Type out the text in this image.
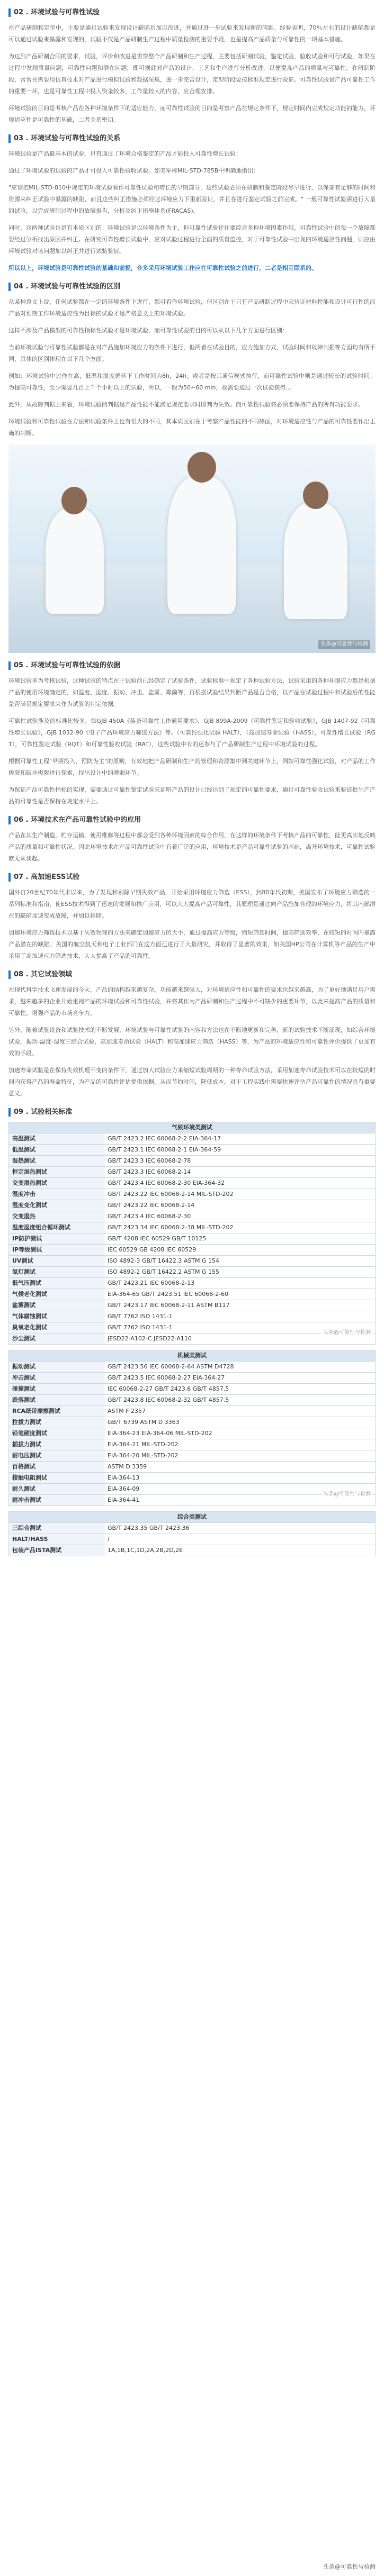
02 . 环境试验与可靠性试验

在产品研制和定型中，主要是通过试验来发现设计缺陷后加以改进，并通过进一步试验来发现新的问题。经验表明，70％左右的设计缺陷都是可以通过试验来暴露和发现的，试验不仅是产品研制生产过程中质量检测的重要手段，也是提高产品质量与可靠性的一项基本措施。

为达到产品研制合同的要求，试验，评价和改进是贯穿整个产品研制和生产过程，主要包括研制试验，鉴定试验，验收试验和可行试验，如果在过程中发现质量问题，可靠性问题和潜在问题，即可据此对产品的设计，工艺和生产进行分析改进，以便提高产品的质量与可靠性。在研制阶段，常常在需要用仿真技术对产品进行模拟试验和数据采集，进一步完善设计，定型阶段要按标准规定进行验证。可靠性试验是产品可靠性工作的重要一环，也是可靠性工程中投入资金较多，工作量较大的内容，应合理安排。

环境试验的目的是考核产品在各种环境条件下的适应能力，而可靠性试验的目的是考察产品在规定条件下，规定时间内完成规定功能的能力，环境适应性是可靠性的基础，二者关系密切。

03 . 环境试验与可靠性试验的关系

环境试验是产品最基本的试验，只有通过了环境合格鉴定的产品才能投入可靠性增长试验：

通过了环境试验的试验的产品才可投入可靠性验收试验。如美军标MIL-STD-785B中明确地指出：

"应该把MIL-STD-810中规定的环境试验看作可靠性试验和增长的早期部分，这些试验必须在研制和鉴定阶段尽早进行，以保证有足够的时间和资源来纠正试验中暴露的缺陷，而且这些纠正措施必须经过环境应力下重新验证，并且在进行鉴定试验之前完成。" 一般可靠性试验需进行大量的试验，以完成研制过程中的故障报告，分析及纠正措施体系(FRACAS)。

同时，这两种试验也是有本质区别的：环境试验是以环境条件为主，但可靠性试验往往要综合多种环境因素作用，可靠性试验中的每一个故障都要经过分析找出原因并纠正。在研究可靠性增长试验中，应对试验过程进行全面的质量监控，对于可靠性试验中出现的环境适应性问题，则应由环境试验对该问题加以纠正并进行试验验证。

所以以上，环境试验是可靠性试验的基础和前提，合多采用环境试验工作应在可靠性试验之前进行，二者是相互联系的。

04 . 环境试验与可靠性试验的区别

从某种意义上说，任何试验都在一定的环境条件下进行，都可看作环境试验，但区别在于只有产品研制过程中来验证材料性能和设计可行性的而产品对预期工作环境适应性为目标的试验才是严格意义上的环境试验。

这样不涉及产品模型的可靠性指标性试验才是环境试验，而可靠性试验的目的可以从以下几个方面进行区别：

当前环境试验与可靠性试验都是在对产品施加环境应力的条件下进行，但两者在试验目的，应力施加方式，试验时间和故障判据等方面均有所不同，具体的区别体现在以下几个方面。

例如：环境试验中过作在高，低温和温度循环下工作时间为8h，24h；或者是按其通信模式执行，而可靠性试验中则是通过较长的试验时间；为提高可靠性，至少需要几百上千个小时以上的试验，所以，一般为50~60 min，故需要通过一次试验获得...

此外，从故障判据上来看，环境试验的判据是产品性能不能满足规范要求时即判为失效。而可靠性试验将必须要保持产品的所有功能要求。

环境试验和可靠性试验在方法和试验条件上也有很大的不同，其本质区别在于考察产品性能的不同侧面，对环境适应性与产品的可靠性要作出正确的判断。

头条@可靠性与检测
05 . 环境试验与可靠性试验的依据

环境试验多为考核试验，这种试验的特点在于试验前已经确定了试验条件，试验标准中规定了各种试验方法，试验采用的各种环境应力都是根据产品的使用环境确定的，如温度、湿度、振动、冲击、盐雾、霉菌等，再根据试验结果判断产品是否合格，以产品在试验过程中和试验后的性能是否满足规定要求来作为试验的判定依据。

可靠性试验涉及的标准比较多，如GJB 450A《装备可靠性工作通用要求》，GJB 899A-2009《可靠性鉴定和验收试验》，GJB 1407-92《可靠性增长试验》，GJB 1032-90《电子产品环境应力筛选方法》等。（可靠性强化试验 HALT），（高加速寿命试验（HASS），可靠性增长试验（RGT），可靠性鉴定试验（RQT）和可靠性验收试验（RAT），这些试验中有的还参与了产品研制生产过程中环境试验的过程。

根据可靠性工程"早期投入，预防为主"的原则，有效地把产品研制和生产的管理和资源集中到关键环节上，例如可靠性强化试验，对产品的工作极限和破坏极限进行探索，找出设计中的薄弱环节。

为保证产品可靠性指标的实现，需要通过可靠性鉴定试验来证明产品的设计已经达到了规定的可靠性要求，通过可靠性验收试验来验证批生产产品的可靠性是否保持在规定水平上。

06 . 环境技术在产品可靠性试验中的应用

产品在其生产制造，贮存运输，使用维修等过程中都会受到各种环境因素的综合作用，在这样的环境条件下考核产品的可靠性，能更真实地反映产品的质量和可靠性状况。因此环境技术在产品可靠性试验中有着广泛的应用，环境技术是产品可靠性试验的基础，离开环境技术，可靠性试验就无从谈起。

07 . 高加速ESS试验

国外自20世纪70年代末以来，为了发现和剔除早期失效产品，开始采用环境应力筛选（ESS），到80年代初期，美国发布了环境应力筛选的一系列标准和指南，使ESS技术得到了迅速的发展和推广应用，可以大大提高产品可靠性，其原理是通过向产品施加合理的环境应力，将其内部潜在的缺陷加速变成故障，并加以排除。

加速环境应力筛选技术以基于失效物理的方法来确定加速应力的大小，通过提高应力等级，缩短筛选时间，提高筛选效率，在较短的时间内暴露产品潜在的缺陷。美国的航空航天和电子工业部门在这方面已进行了大量研究，并取得了显著的效果，如美国HP公司在计算机等产品的生产中采用了高加速应力筛选技术，大大提高了产品的可靠性。

08 . 其它试验领域

在现代科学技术飞速发展的今天，产品的结构越来越复杂，功能越来越强大，对环境适应性和可靠性的要求也越来越高，为了更好地满足用户需求，越来越多的企业开始重视产品的环境试验和可靠性试验，并将其作为产品研制和生产过程中不可缺少的重要环节，以此来提高产品的质量和可靠性，增强产品的市场竞争力。

另外，随着试验设备和试验技术的不断发展，环境试验与可靠性试验的内容和方法也在不断地更新和完善，新的试验技术不断涌现，如综合环境试验，振动-温度-湿度三综合试验，高加速寿命试验（HALT）和高加速应力筛选（HASS）等，为产品的环境适应性和可靠性评价提供了更加有效的手段。

加速寿命试验是在保持失效机理不变的条件下，通过加大试验应力来缩短试验周期的一种寿命试验方法，采用加速寿命试验技术可以在较短的时间内获得产品的寿命特征，为产品的可靠性评估提供依据。从而节约时间，降低成本，对于工程实践中需要快速评估产品可靠性的情况具有重要意义。

09 . 试验相关标准
气候环境类测试	
高温测试	GB/T 2423.2 IEC 60068-2-2 EIA-364-17
低温测试	GB/T 2423.1 IEC 60068-2-1 EIA-364-59
湿热测试	GB/T 2423.3 IEC 60068-2-78
恒定湿热测试	GB/T 2423.3 IEC 60068-2-14
交变湿热测试	GB/T 2423.4 IEC 60068-2-30 EIA-364-32
温度冲击	GB/T 2423.22 IEC 60068-2-14 MIL-STD-202
温度变化测试	GB/T 2423.22 IEC 60068-2-14
交变湿热	GB/T 2423.4 IEC 60068-2-30
温度湿度组合循环测试	GB/T 2423.34 IEC 60068-2-38 MIL-STD-202
IP防护测试	GB/T 4208 IEC 60529 GB/T 10125
IP等级测试	IEC 60529 GB 4208 IEC 60529
UV测试	ISO 4892-3 GB/T 16422.3 ASTM G 154
氙灯测试	ISO 4892-2 GB/T 16422.2 ASTM G 155
低气压测试	GB/T 2423.21 IEC 60068-2-13
气候老化测试	EIA-364-65 GB/T 2423.51 IEC 60068-2-60
盐雾测试	GB/T 2423.17 IEC 60068-2-11 ASTM B117
气体腐蚀测试	GB/T 7762 ISO 1431-1
臭氧老化测试	GB/T 7762 ISO 1431-1
沙尘测试	JESD22-A102-C JESD22-A110
头条@可靠性与检测
机械类测试	
振动测试	GB/T 2423.56 IEC 60068-2-64 ASTM D4728
冲击测试	GB/T 2423.5 IEC 60068-2-27 EIA-364-27
碰撞测试	IEC 60068-2-27 GB/T 2423.6 GB/T 4857.5
跌落测试	GB/T 2423.8 IEC 60068-2-32 GB/T 4857.5
RCA纸带摩擦测试	ASTM F 2357
拉拔力测试	GB/T 6739 ASTM D 3363
铅笔硬度测试	EIA-364-23 EIA-364-06 MIL-STD-202
插拔力测试	EIA-364-21 MIL-STD-202
耐电压测试	EIA-364-20 MIL-STD-202
百格测试	ASTM D 3359
接触电阻测试	EIA-364-13
耐久测试	EIA-364-09
耐冲击测试	EIA-364-41
头条@可靠性与检测
综合类测试	
三综合测试	GB/T 2423.35 GB/T 2423.36
HALT/HASS	/
包装产品ISTA测试	1A,1B,1C,1D,2A,2B,2D,2E
头条@可靠性与检测
